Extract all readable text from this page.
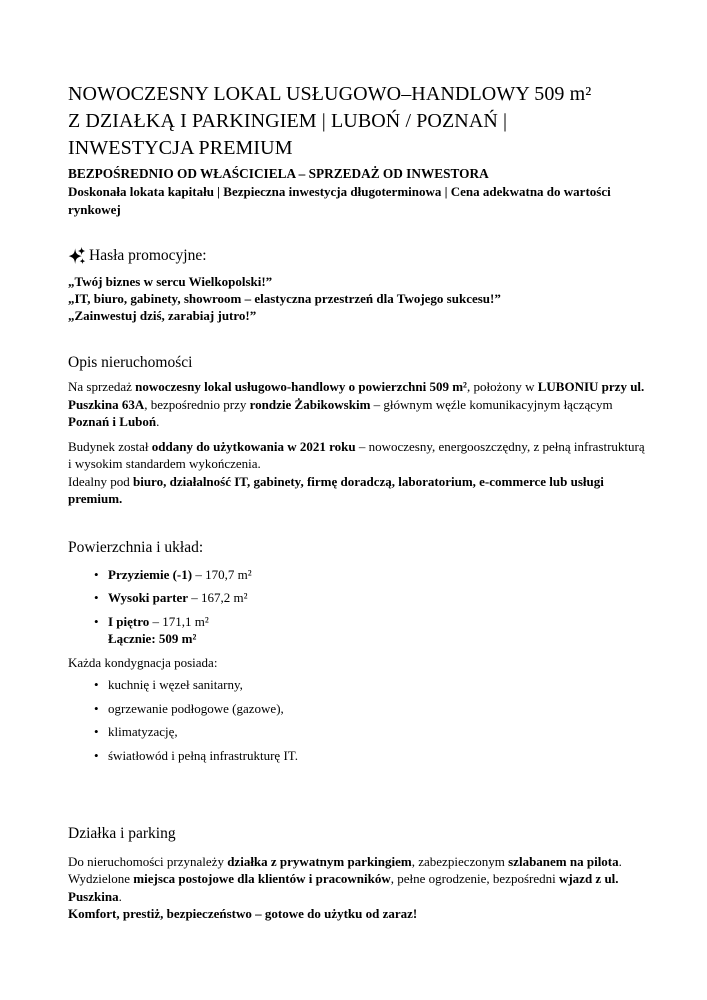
NOWOCZESNY LOKAL USŁUGOWO–HANDLOWY 509 m²
Z DZIAŁKĄ I PARKINGIEM | LUBOŃ / POZNAŃ |
INWESTYCJA PREMIUM

BEZPOŚREDNIO OD WŁAŚCICIELA – SPRZEDAŻ OD INWESTORA

Doskonała lokata kapitału | Bezpieczna inwestycja długoterminowa | Cena adekwatna do wartości rynkowej

Hasła promocyjne:

„Twój biznes w sercu Wielkopolski!”
„IT, biuro, gabinety, showroom – elastyczna przestrzeń dla Twojego sukcesu!”
„Zainwestuj dziś, zarabiaj jutro!”

Opis nieruchomości

Na sprzedaż nowoczesny lokal usługowo-handlowy o powierzchni 509 m², położony w LUBONIU przy ul. Puszkina 63A, bezpośrednio przy rondzie Żabikowskim – głównym węźle komunikacyjnym łączącym Poznań i Luboń.

Budynek został oddany do użytkowania w 2021 roku – nowoczesny, energooszczędny, z pełną infrastrukturą i wysokim standardem wykończenia.
Idealny pod biuro, działalność IT, gabinety, firmę doradczą, laboratorium, e-commerce lub usługi premium.

Powierzchnia i układ:
• Przyziemie (-1) – 170,7 m²
• Wysoki parter – 167,2 m²
• I piętro – 171,1 m²
Łącznie: 509 m²

Każda kondygnacja posiada:

• kuchnię i węzeł sanitarny,
• ogrzewanie podłogowe (gazowe),
• klimatyzację,
• światłowód i pełną infrastrukturę IT.
Działka i parking

Do nieruchomości przynależy działka z prywatnym parkingiem, zabezpieczonym szlabanem na pilota.
Wydzielone miejsca postojowe dla klientów i pracowników, pełne ogrodzenie, bezpośredni wjazd z ul. Puszkina.
Komfort, prestiż, bezpieczeństwo – gotowe do użytku od zaraz!
